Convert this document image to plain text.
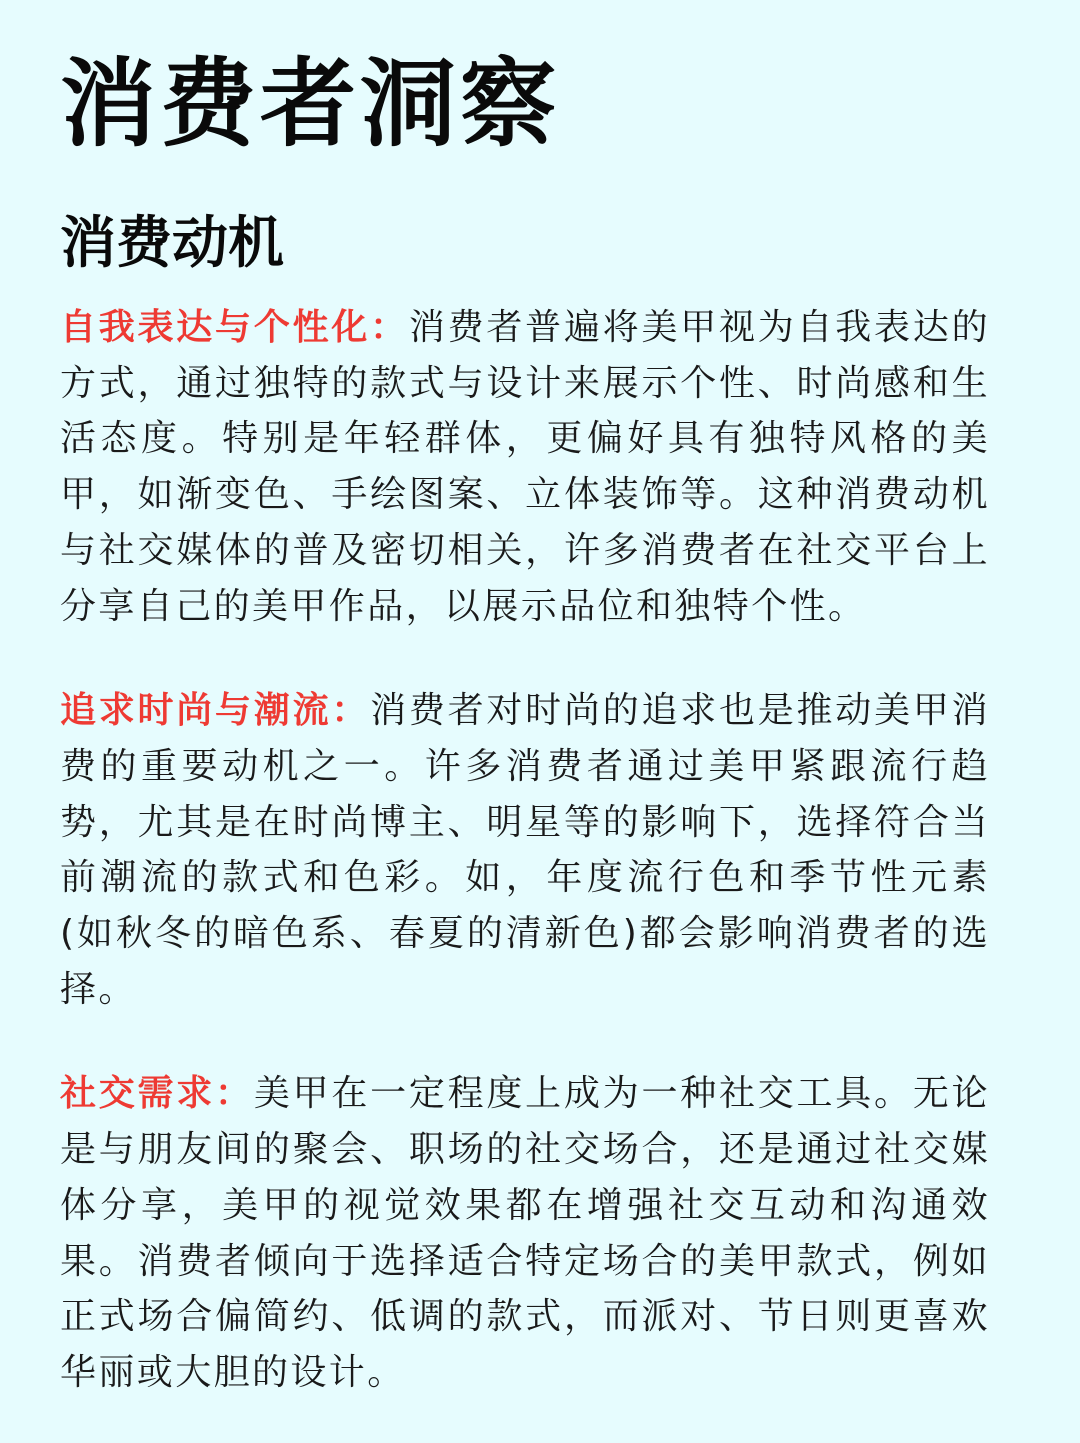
消费者洞察
消费动机

自我表达与个性化：消费者普遍将美甲视为自我表达的方式，通过独特的款式与设计来展示个性、时尚感和生活态度。特别是年轻群体，更偏好具有独特风格的美甲，如渐变色、手绘图案、立体装饰等。这种消费动机与社交媒体的普及密切相关，许多消费者在社交平台上分享自己的美甲作品，以展示品位和独特个性。

追求时尚与潮流：消费者对时尚的追求也是推动美甲消费的重要动机之一。许多消费者通过美甲紧跟流行趋势，尤其是在时尚博主、明星等的影响下，选择符合当前潮流的款式和色彩。如，年度流行色和季节性元素(如秋冬的暗色系、春夏的清新色)都会影响消费者的选择。

社交需求：美甲在一定程度上成为一种社交工具。无论是与朋友间的聚会、职场的社交场合，还是通过社交媒体分享，美甲的视觉效果都在增强社交互动和沟通效果。消费者倾向于选择适合特定场合的美甲款式，例如正式场合偏简约、低调的款式，而派对、节日则更喜欢华丽或大胆的设计。
